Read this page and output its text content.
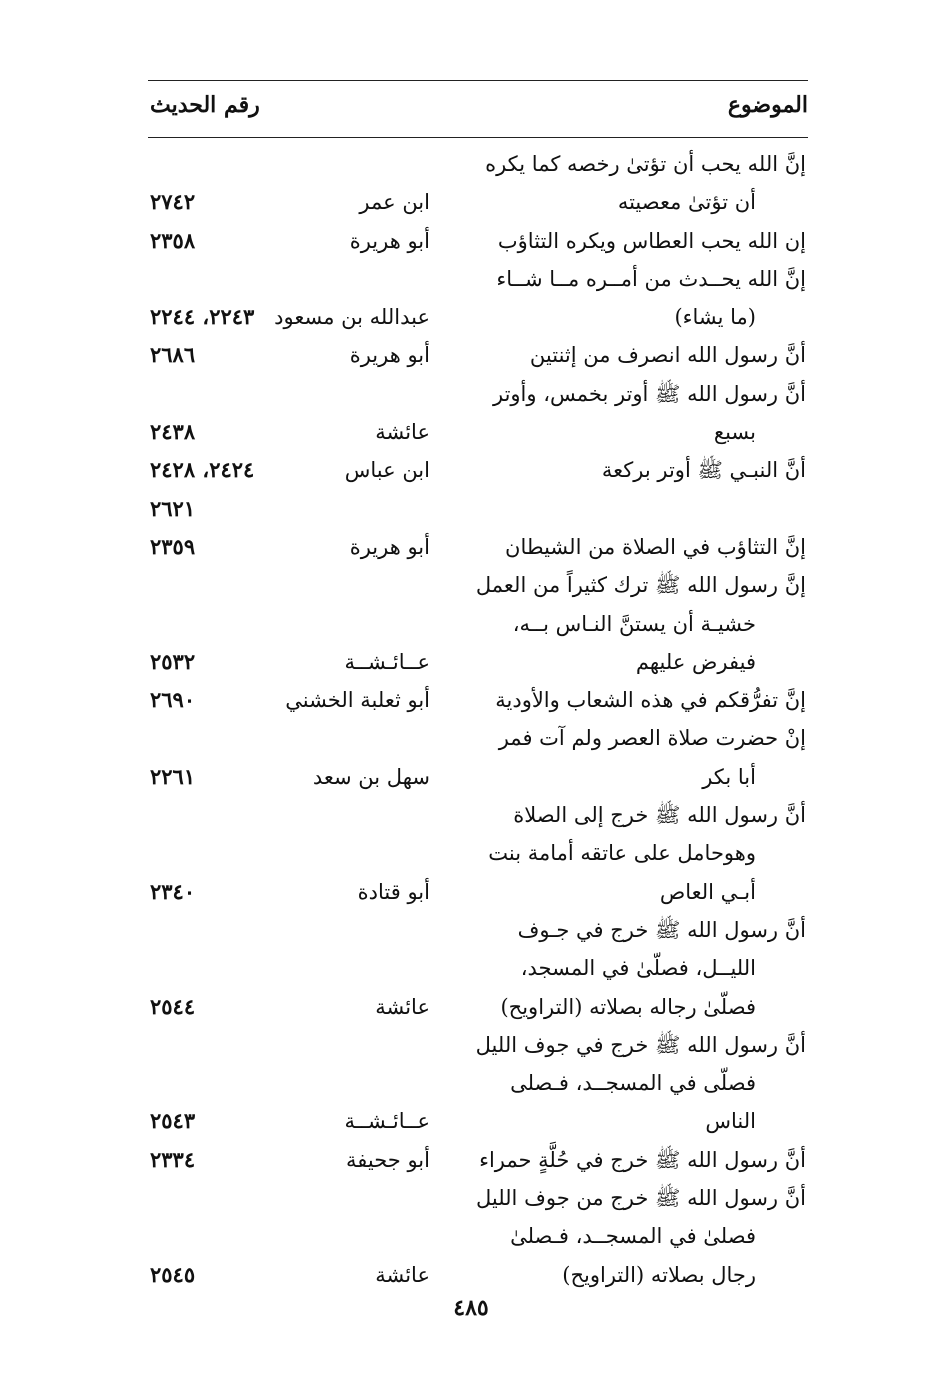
الموضوع
رقم الحديث
إنَّ الله يحب أن تؤتىٰ رخصه كما يكره
أن تؤتىٰ معصيته
ابن عمر
٢٧٤٢
إن الله يحب العطاس ويكره التثاؤب
أبو هريرة
٢٣٥٨
إنَّ الله يحــدث من أمــره مــا شــاء
(ما يشاء)
عبدالله بن مسعود
٢٢٤٣، ٢٢٤٤
أنَّ رسول الله انصرف من إثنتين
أبو هريرة
٢٦٨٦
أنَّ رسول الله ﷺ أوتر بخمس، وأوتر
بسبع
عائشة
٢٤٣٨
أنَّ النبـي ﷺ أوتر بركعة
ابن عباس
٢٤٢٤، ٢٤٢٨
٢٦٢١
إنَّ التثاؤب في الصلاة من الشيطان
أبو هريرة
٢٣٥٩
إنَّ رسول الله ﷺ ترك كثيراً من العمل
خشيـة أن يستنَّ النـاس بــه،
فيفرض عليهم
عــائـشــة
٢٥٣٢
إنَّ تفرُّقكم في هذه الشعاب والأودية
أبو ثعلبة الخشني
٢٦٩٠
إنْ حضرت صلاة العصر ولم آت فمر
أبا بكر
سهل بن سعد
٢٢٦١
أنَّ رسول الله ﷺ خرج إلى الصلاة
وهوحامل على عاتقه أمامة بنت
أبـي العاص
أبو قتادة
٢٣٤٠
أنَّ رسول الله ﷺ خرج في جـوف
الليــل، فصلّىٰ في المسجد،
فصلّىٰ رجاله بصلاته (التراويح)
عائشة
٢٥٤٤
أنَّ رسول الله ﷺ خرج في جوف الليل
فصلّى في المسجــد، فـصلى
الناس
عــائـشــة
٢٥٤٣
أنَّ رسول الله ﷺ خرج في حُلَّةٍ حمراء
أبو جحيفة
٢٣٣٤
أنَّ رسول الله ﷺ خرج من جوف الليل
فصلىٰ في المسجــد، فـصلىٰ
رجال بصلاته (التراويح)
عائشة
٢٥٤٥
٤٨٥
